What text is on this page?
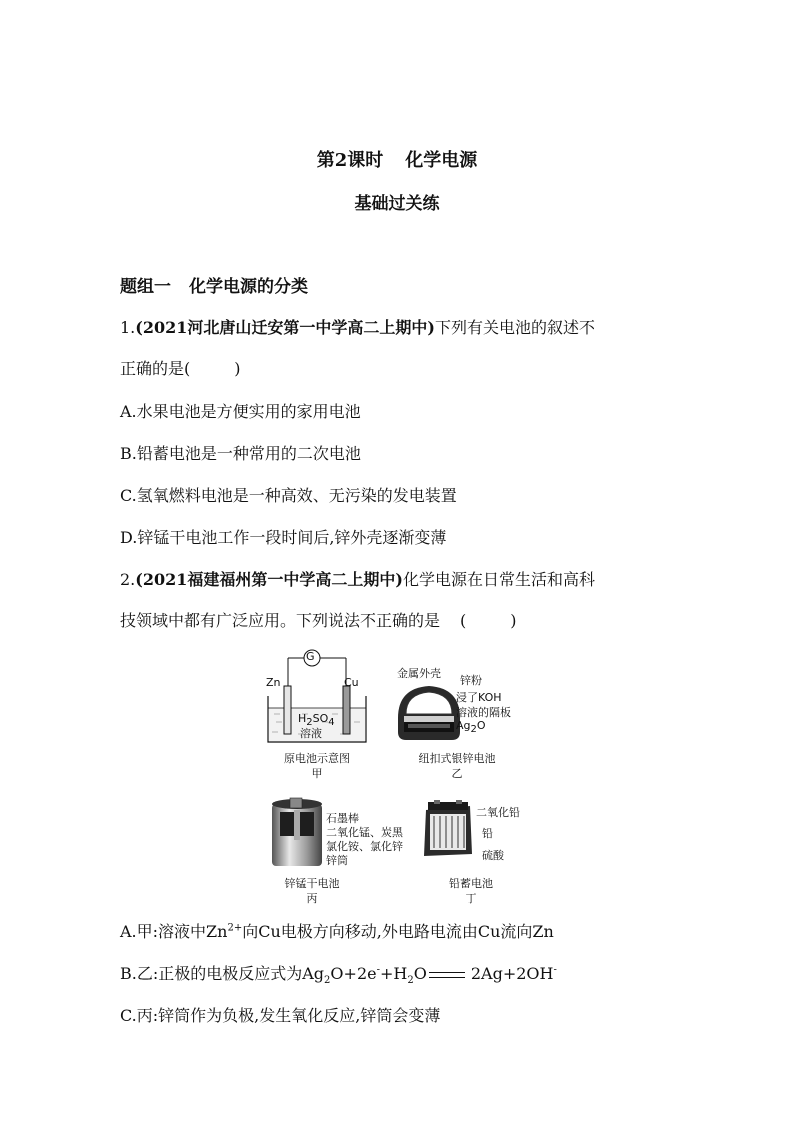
第2课时 化学电源
基础过关练
题组一 化学电源的分类
1.(2021河北唐山迁安第一中学高二上期中)下列有关电池的叙述不
正确的是(	)
A.水果电池是方便实用的家用电池
B.铅蓄电池是一种常用的二次电池
C.氢氧燃料电池是一种高效、无污染的发电装置
D.锌锰干电池工作一段时间后,锌外壳逐渐变薄
2.(2021福建福州第一中学高二上期中)化学电源在日常生活和高科
技领域中都有广泛应用。下列说法不正确的是 (	)
G
Zn	Cu
$H_2SO_4$
溶液
原电池示意图
甲
金属外壳
锌粉
浸了KOH
溶液的隔板
$Ag_2O$
纽扣式银锌电池
乙
石墨棒
二氧化锰、炭黑
氯化铵、氯化锌
锌筒
锌锰干电池
丙
二氧化铅
铅
硫酸
铅蓄电池
丁
A.甲:溶液中$Zn^{2+}$向Cu电极方向移动,外电路电流由Cu流向Zn
B.乙:正极的电极反应式为$Ag_2O+2e^-+H_2O$	2Ag+2OH-
C.丙:锌筒作为负极,发生氧化反应,锌筒会变薄
